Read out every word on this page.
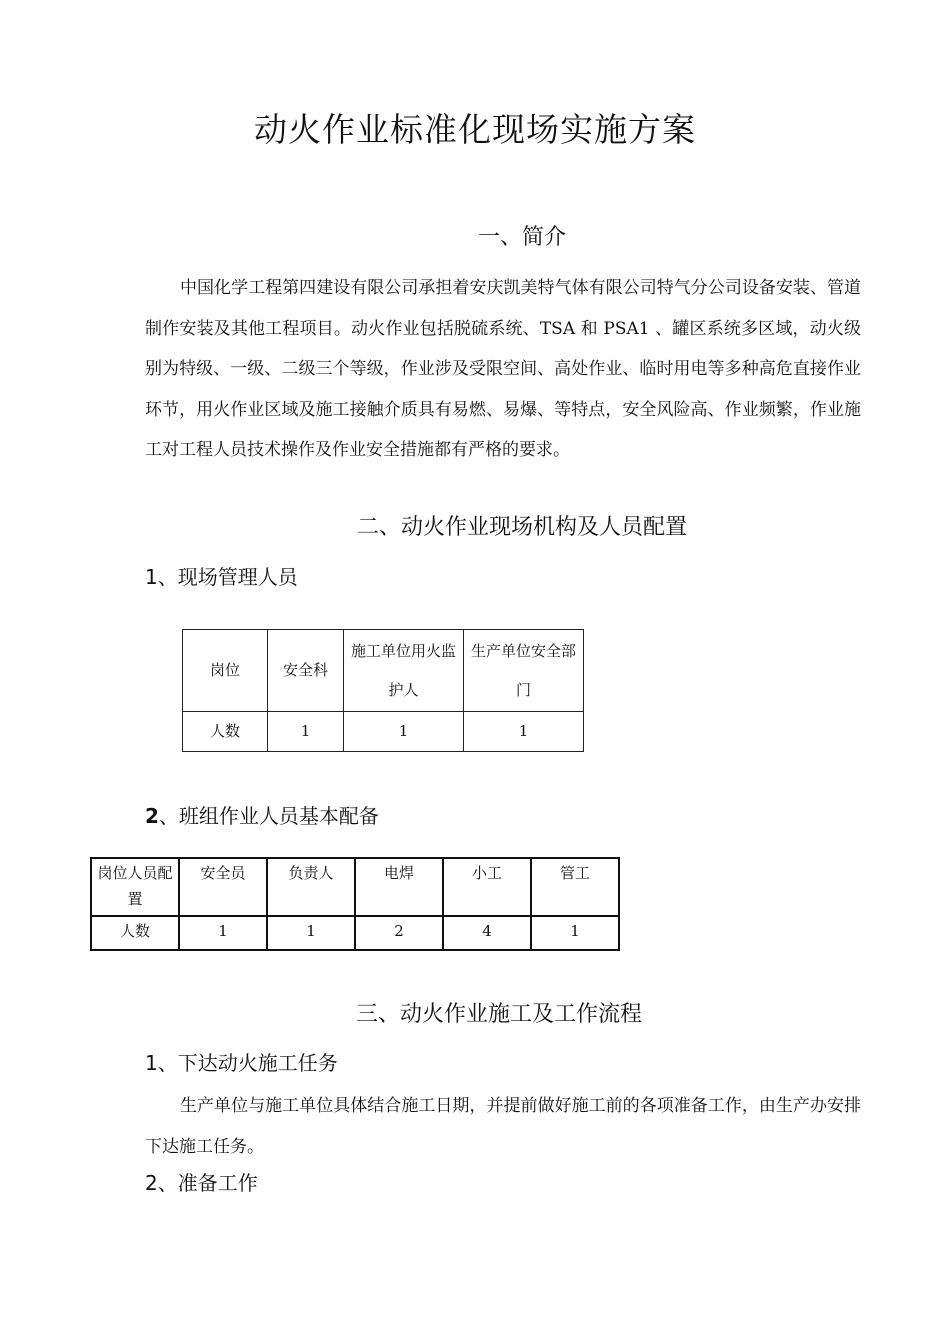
动火作业标准化现场实施方案
一、简介

中国化学工程第四建设有限公司承担着安庆凯美特气体有限公司特气分公司设备安装、管道制作安装及其他工程项目。动火作业包括脱硫系统、TSA 和 PSA1 、罐区系统多区域，动火级别为特级、一级、二级三个等级，作业涉及受限空间、高处作业、临时用电等多种高危直接作业环节，用火作业区域及施工接触介质具有易燃、易爆、等特点，安全风险高、作业频繁，作业施工对工程人员技术操作及作业安全措施都有严格的要求。

二、动火作业现场机构及人员配置
1、现场管理人员
岗位	安全科	施工单位用火监护人	生产单位安全部门
人数	1	1	1
2、班组作业人员基本配备
岗位人员配置	安全员	负责人	电焊	小工	管工
人数	1	1	2	4	1
三、动火作业施工及工作流程
1、下达动火施工任务

生产单位与施工单位具体结合施工日期，并提前做好施工前的各项准备工作，由生产办安排下达施工任务。

2、准备工作
